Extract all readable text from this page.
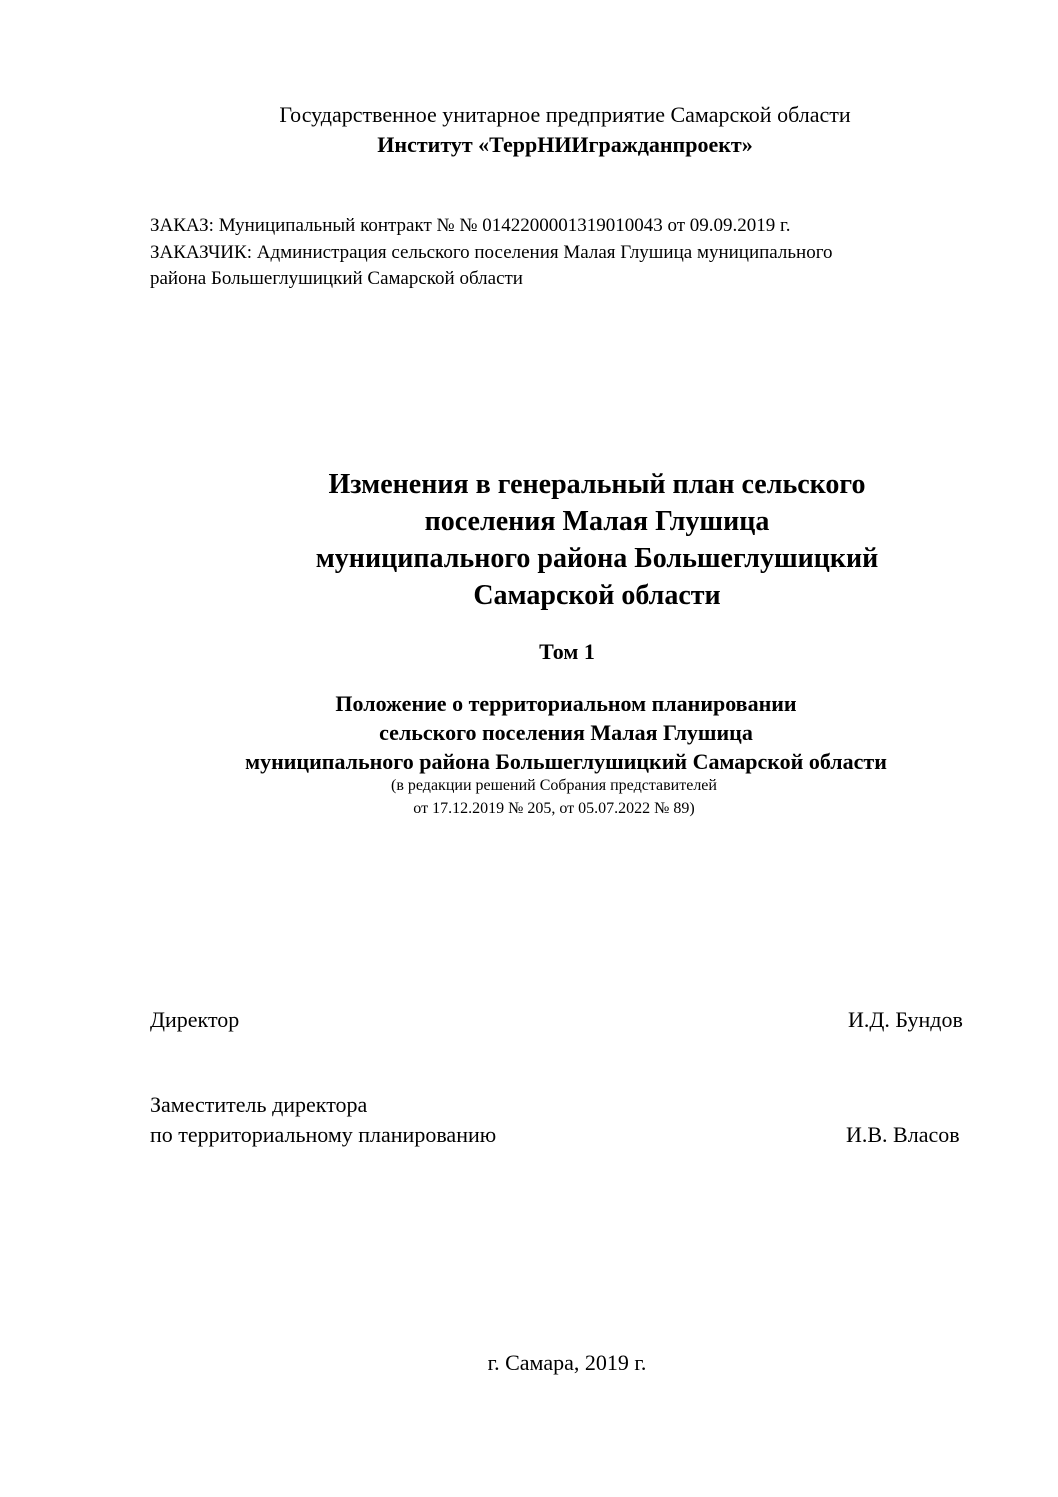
Государственное унитарное предприятие Самарской области
Институт «ТеррНИИгражданпроект»
ЗАКАЗ: Муниципальный контракт № № 0142200001319010043 от 09.09.2019 г.
ЗАКАЗЧИК: Администрация сельского поселения Малая Глушица муниципального
района Большеглушицкий Самарской области
Изменения в генеральный план сельского
поселения Малая Глушица
муниципального района Большеглушицкий
Самарской области
Том 1
Положение о территориальном планировании
сельского поселения Малая Глушица
муниципального района Большеглушицкий Самарской области
(в редакции решений Собрания представителей
от 17.12.2019 № 205, от 05.07.2022 № 89)
Директор	И.Д. Бундов
Заместитель директора
по территориальному планированию	И.В. Власов
г. Самара, 2019 г.
